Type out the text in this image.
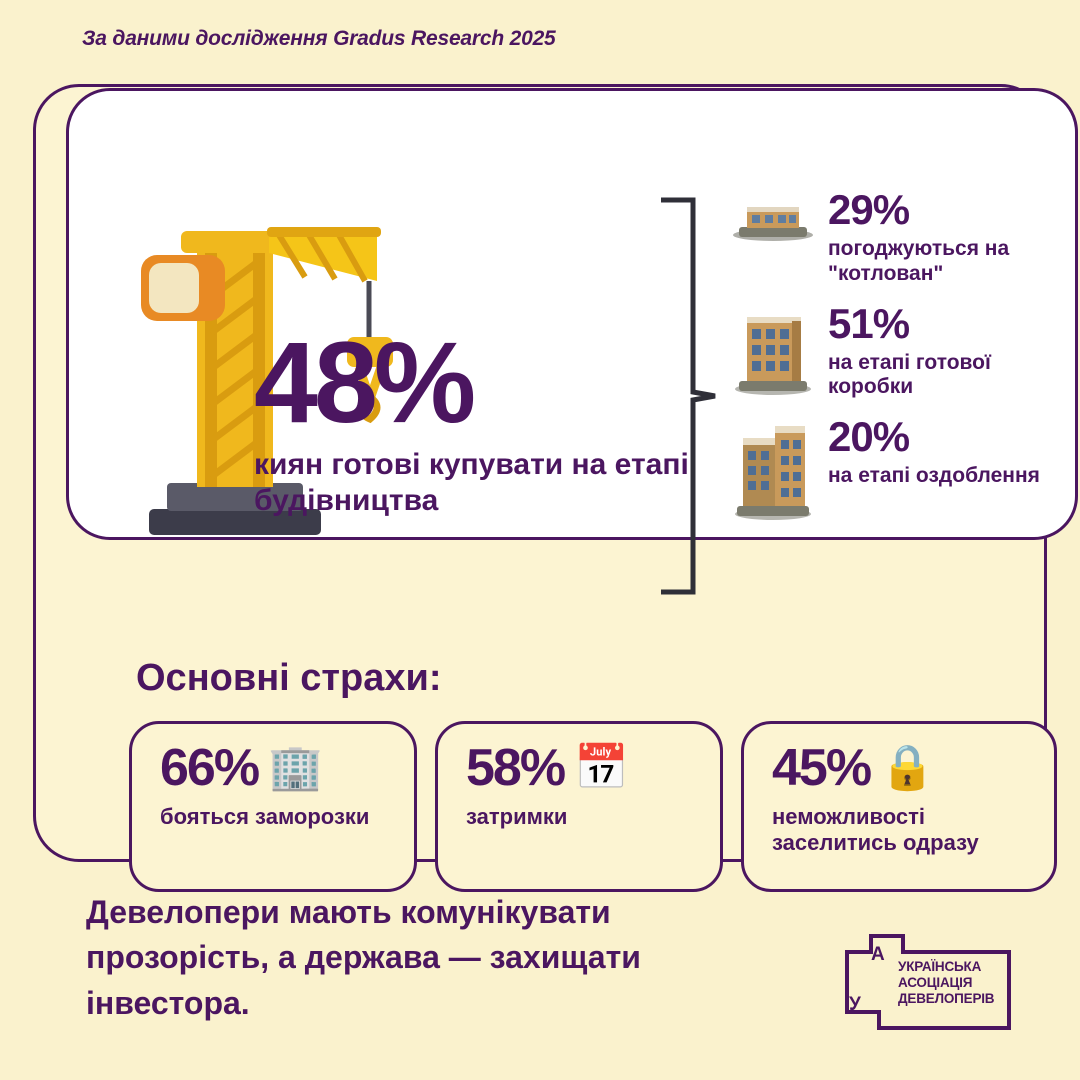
За даними дослідження Gradus Research 2025
48%
киян готові купувати на етапі будівництва
29%
погоджуються на "котлован"
51%
на етапі готової коробки
20%
на етапі оздоблення
Основні страхи:
66% 🏢
бояться заморозки
58% 📅
затримки
45% 🔒
неможливості заселитись одразу
Девелопери мають комунікувати прозорість, а держава — захищати інвестора.
А
У
УКРАЇНСЬКА
АСОЦІАЦІЯ
ДЕВЕЛОПЕРІВ
